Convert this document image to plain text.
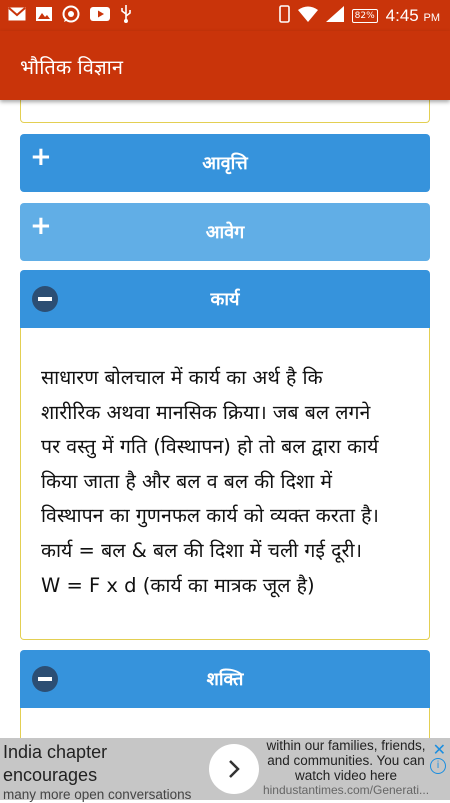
82% 4:45 PM
भौतिक विज्ञान
+	आवृत्ति
+	आवेग
कार्य
साधारण बोलचाल में कार्य का अर्थ है कि
शारीरिक अथवा मानसिक क्रिया। जब बल लगने
पर वस्तु में गति (विस्थापन) हो तो बल द्वारा कार्य
किया जाता है और बल व बल की दिशा में
विस्थापन का गुणनफल कार्य को व्यक्त करता है।
कार्य = बल & बल की दिशा में चली गई दूरी।
W = F x d (कार्य का मात्रक जूल है)
शक्ति
India chapter
encourages
many more open conversations
within our families, friends,
and communities. You can
watch video here
hindustantimes.com/Generati...
✕
i
